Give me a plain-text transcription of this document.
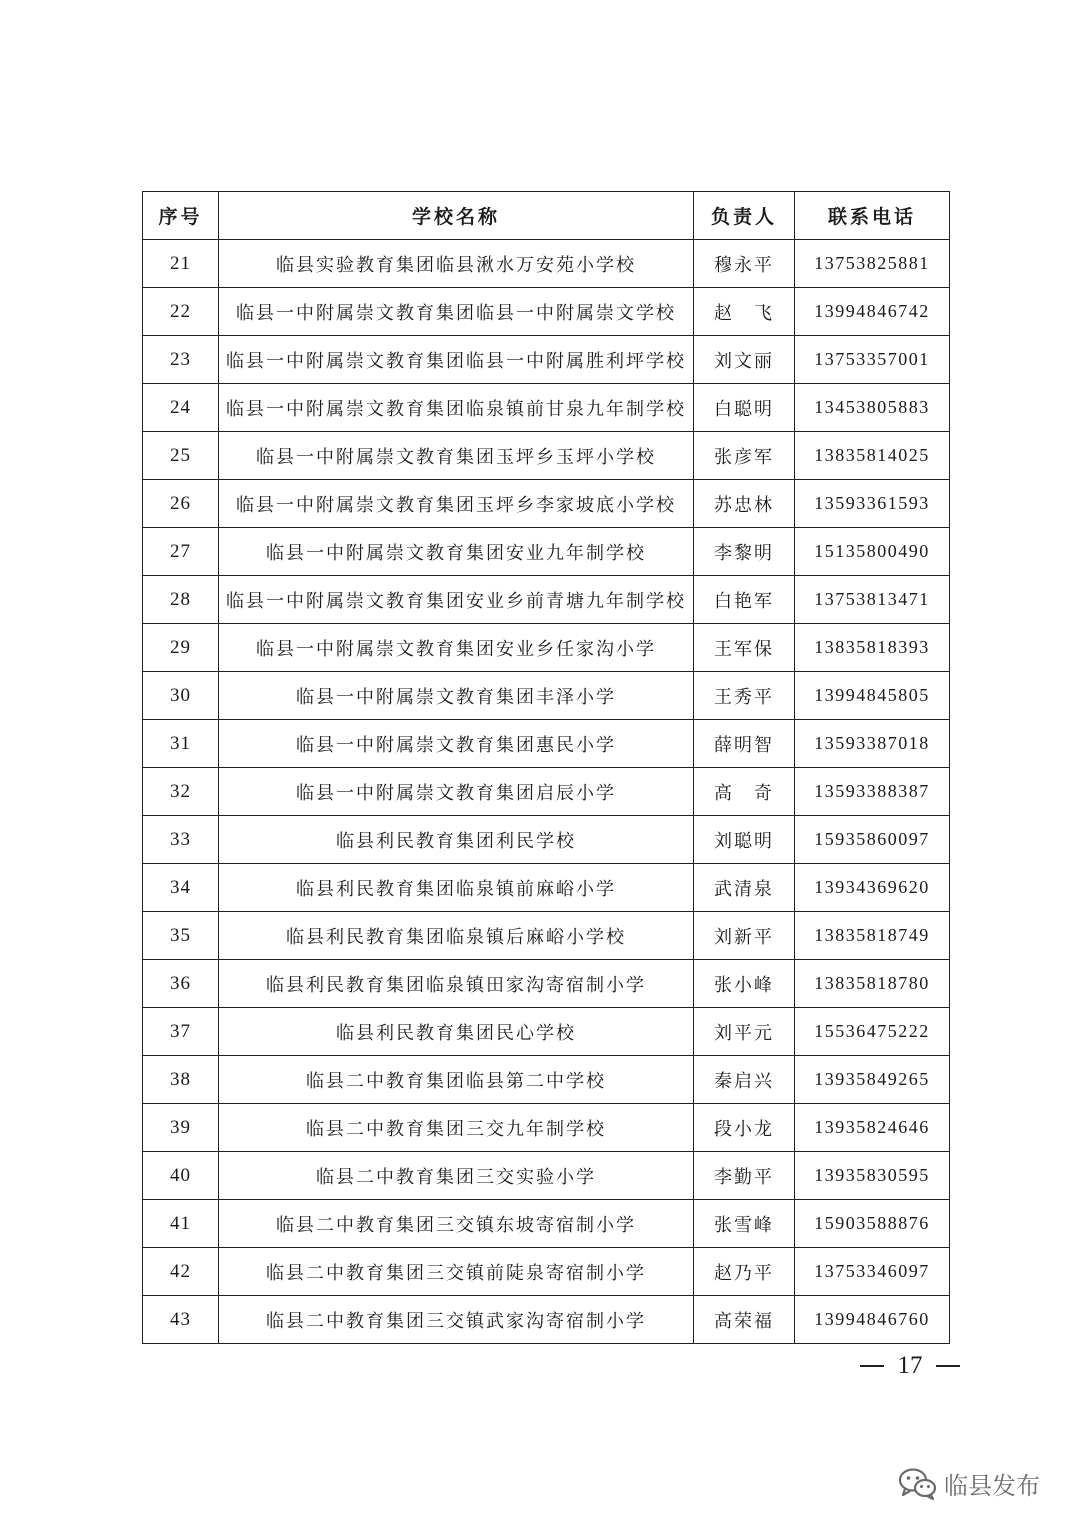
序号	学校名称	负责人	联系电话
21	临县实验教育集团临县湫水万安苑小学校	穆永平	13753825881
22	临县一中附属崇文教育集团临县一中附属崇文学校	赵　飞	13994846742
23	临县一中附属崇文教育集团临县一中附属胜利坪学校	刘文丽	13753357001
24	临县一中附属崇文教育集团临泉镇前甘泉九年制学校	白聪明	13453805883
25	临县一中附属崇文教育集团玉坪乡玉坪小学校	张彦军	13835814025
26	临县一中附属崇文教育集团玉坪乡李家坡底小学校	苏忠林	13593361593
27	临县一中附属崇文教育集团安业九年制学校	李黎明	15135800490
28	临县一中附属崇文教育集团安业乡前青塘九年制学校	白艳军	13753813471
29	临县一中附属崇文教育集团安业乡任家沟小学	王军保	13835818393
30	临县一中附属崇文教育集团丰泽小学	王秀平	13994845805
31	临县一中附属崇文教育集团惠民小学	薛明智	13593387018
32	临县一中附属崇文教育集团启辰小学	高　奇	13593388387
33	临县利民教育集团利民学校	刘聪明	15935860097
34	临县利民教育集团临泉镇前麻峪小学	武清泉	13934369620
35	临县利民教育集团临泉镇后麻峪小学校	刘新平	13835818749
36	临县利民教育集团临泉镇田家沟寄宿制小学	张小峰	13835818780
37	临县利民教育集团民心学校	刘平元	15536475222
38	临县二中教育集团临县第二中学校	秦启兴	13935849265
39	临县二中教育集团三交九年制学校	段小龙	13935824646
40	临县二中教育集团三交实验小学	李勤平	13935830595
41	临县二中教育集团三交镇东坡寄宿制小学	张雪峰	15903588876
42	临县二中教育集团三交镇前陡泉寄宿制小学	赵乃平	13753346097
43	临县二中教育集团三交镇武家沟寄宿制小学	高荣福	13994846760
17
临县发布
